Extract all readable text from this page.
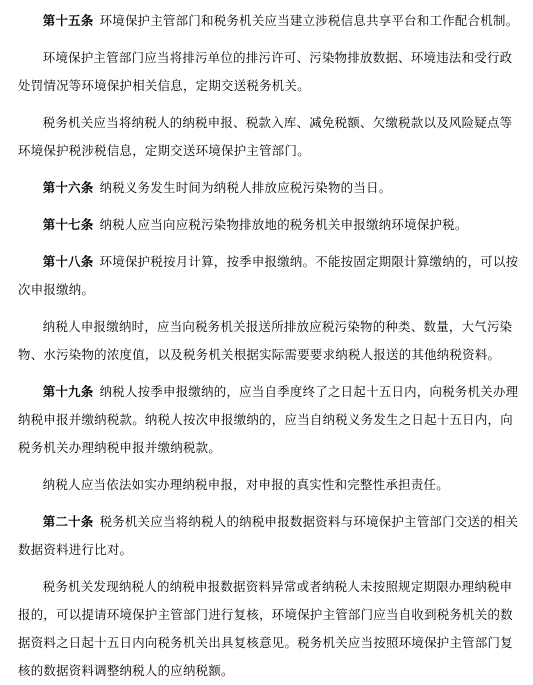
第十五条 环境保护主管部门和税务机关应当建立涉税信息共享平台和工作配合机制。

环境保护主管部门应当将排污单位的排污许可、污染物排放数据、环境违法和受行政处罚情况等环境保护相关信息，定期交送税务机关。

税务机关应当将纳税人的纳税申报、税款入库、减免税额、欠缴税款以及风险疑点等环境保护税涉税信息，定期交送环境保护主管部门。

第十六条 纳税义务发生时间为纳税人排放应税污染物的当日。

第十七条 纳税人应当向应税污染物排放地的税务机关申报缴纳环境保护税。

第十八条 环境保护税按月计算，按季申报缴纳。不能按固定期限计算缴纳的，可以按次申报缴纳。

纳税人申报缴纳时，应当向税务机关报送所排放应税污染物的种类、数量，大气污染物、水污染物的浓度值，以及税务机关根据实际需要要求纳税人报送的其他纳税资料。

第十九条 纳税人按季申报缴纳的，应当自季度终了之日起十五日内，向税务机关办理纳税申报并缴纳税款。纳税人按次申报缴纳的，应当自纳税义务发生之日起十五日内，向税务机关办理纳税申报并缴纳税款。

纳税人应当依法如实办理纳税申报，对申报的真实性和完整性承担责任。

第二十条 税务机关应当将纳税人的纳税申报数据资料与环境保护主管部门交送的相关数据资料进行比对。

税务机关发现纳税人的纳税申报数据资料异常或者纳税人未按照规定期限办理纳税申报的，可以提请环境保护主管部门进行复核，环境保护主管部门应当自收到税务机关的数据资料之日起十五日内向税务机关出具复核意见。税务机关应当按照环境保护主管部门复核的数据资料调整纳税人的应纳税额。
